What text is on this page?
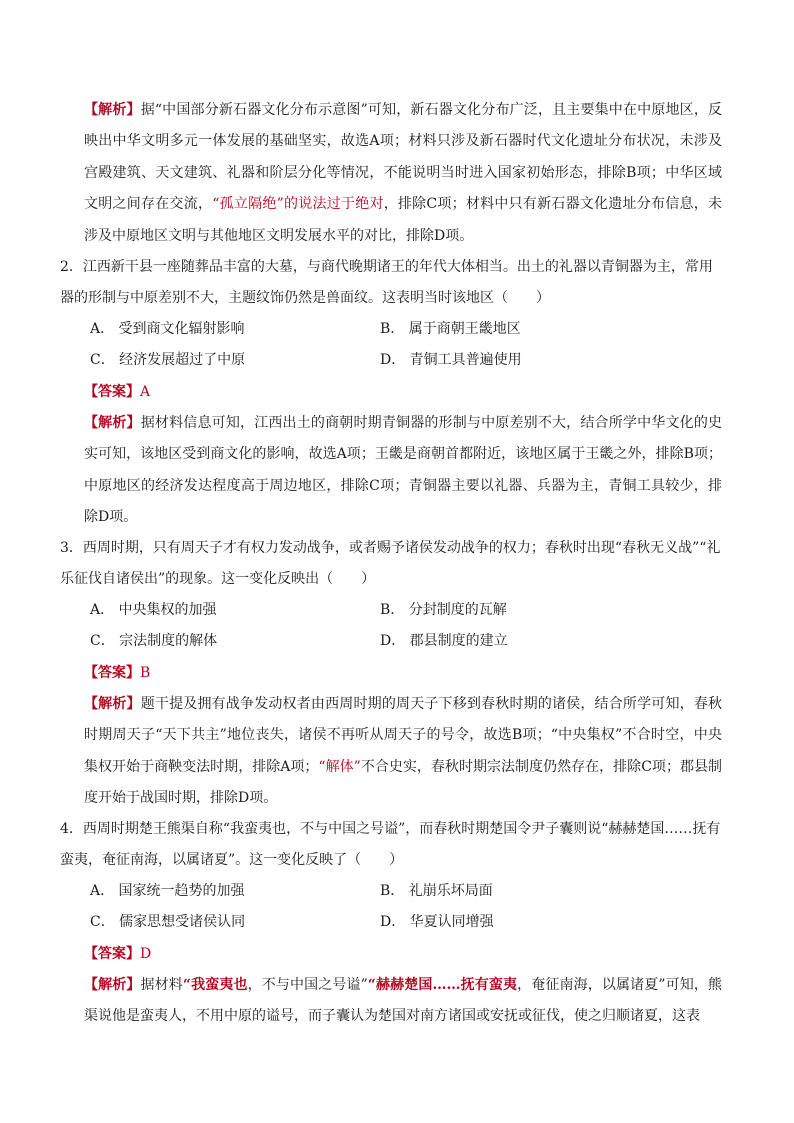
【解析】据“中国部分新石器文化分布示意图”可知，新石器文化分布广泛，且主要集中在中原地区，反映出中华文明多元一体发展的基础坚实，故选A项；材料只涉及新石器时代文化遗址分布状况，未涉及宫殿建筑、天文建筑、礼器和阶层分化等情况，不能说明当时进入国家初始形态，排除B项；中华区域文明之间存在交流，“孤立隔绝”的说法过于绝对，排除C项；材料中只有新石器文化遗址分布信息，未涉及中原地区文明与其他地区文明发展水平的对比，排除D项。
2．江西新干县一座随葬品丰富的大墓，与商代晚期诸王的年代大体相当。出土的礼器以青铜器为主，常用器的形制与中原差别不大，主题纹饰仍然是兽面纹。这表明当时该地区（　　）
A． 受到商文化辐射影响	B． 属于商朝王畿地区
C． 经济发展超过了中原	D． 青铜工具普遍使用
【答案】A
【解析】据材料信息可知，江西出土的商朝时期青铜器的形制与中原差别不大，结合所学中华文化的史实可知，该地区受到商文化的影响，故选A项；王畿是商朝首都附近，该地区属于王畿之外，排除B项；中原地区的经济发达程度高于周边地区，排除C项；青铜器主要以礼器、兵器为主，青铜工具较少，排除D项。
3．西周时期，只有周天子才有权力发动战争，或者赐予诸侯发动战争的权力；春秋时出现“春秋无义战”“礼乐征伐自诸侯出”的现象。这一变化反映出（　　）
A． 中央集权的加强	B． 分封制度的瓦解
C． 宗法制度的解体	D． 郡县制度的建立
【答案】B
【解析】题干提及拥有战争发动权者由西周时期的周天子下移到春秋时期的诸侯，结合所学可知，春秋时期周天子“天下共主”地位丧失，诸侯不再听从周天子的号令，故选B项；“中央集权”不合时空，中央集权开始于商鞅变法时期，排除A项；“解体”不合史实，春秋时期宗法制度仍然存在，排除C项；郡县制度开始于战国时期，排除D项。
4．西周时期楚王熊渠自称“我蛮夷也，不与中国之号谥”，而春秋时期楚国令尹子囊则说“赫赫楚国……抚有蛮夷，奄征南海，以属诸夏”。这一变化反映了（　　）
A． 国家统一趋势的加强	B． 礼崩乐坏局面
C． 儒家思想受诸侯认同	D． 华夏认同增强
【答案】D
【解析】据材料“我蛮夷也，不与中国之号谥”“赫赫楚国……抚有蛮夷，奄征南海，以属诸夏”可知，熊渠说他是蛮夷人，不用中原的谥号，而子囊认为楚国对南方诸国或安抚或征伐，使之归顺诸夏，这表
